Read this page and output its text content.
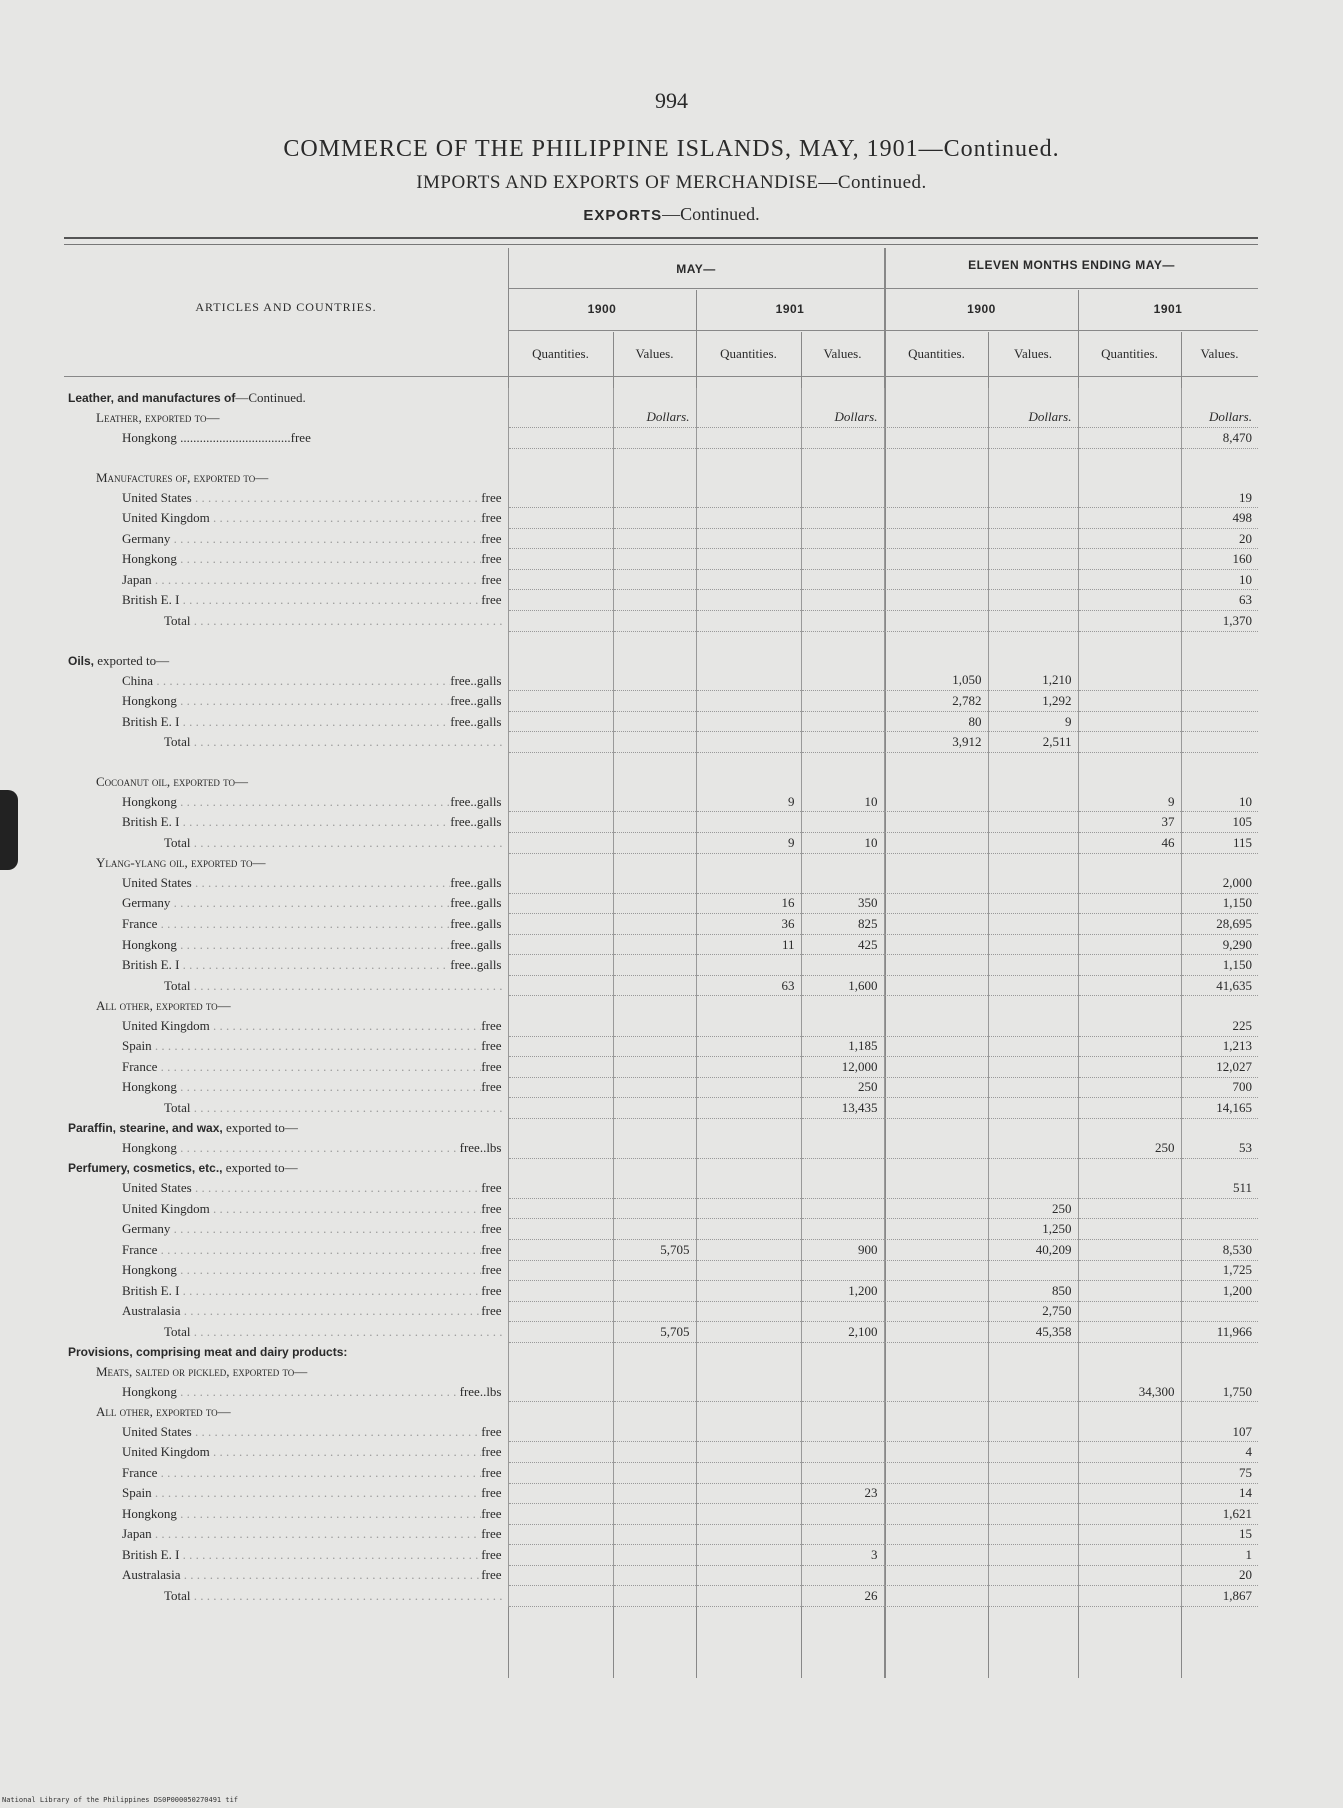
994
COMMERCE OF THE PHILIPPINE ISLANDS, MAY, 1901—Continued.
IMPORTS AND EXPORTS OF MERCHANDISE—Continued.
EXPORTS—Continued.
ARTICLES AND COUNTRIES.
MAY—	ELEVEN MONTHS ENDING MAY—
1900	1901	1900	1901
Quantities.	Values.	Quantities.	Values.	Quantities.	Values.	Quantities.	Values.
Leather, and manufactures of—Continued.								
Leather, exported to—		Dollars.		Dollars.		Dollars.		Dollars.
Hongkong ..................................free								8,470

Manufactures of, exported to—								

United States . . . free								19

United Kingdom . . . free								498

Germany . . . free								20

Hongkong . . . free								160

Japan . . . free								10

British E. I . . . free								63

Total . . .								1,370

Oils, exported to—								

China . . . free..galls					1,050	1,210		

Hongkong . . . free..galls					2,782	1,292		

British E. I . . . free..galls					80	9		

Total . . .					3,912	2,511		

Cocoanut oil, exported to—								

Hongkong . . . free..galls			9	10			9	10

British E. I . . . free..galls							37	105

Total . . .			9	10			46	115
Ylang-ylang oil, exported to—								

United States . . . free..galls								2,000

Germany . . . free..galls			16	350				1,150

France . . . free..galls			36	825				28,695

Hongkong . . . free..galls			11	425				9,290

British E. I . . . free..galls								1,150

Total . . .			63	1,600				41,635
All other, exported to—								

United Kingdom . . . free								225

Spain . . . free				1,185				1,213

France . . . free				12,000				12,027

Hongkong . . . free				250				700

Total . . .				13,435				14,165
Paraffin, stearine, and wax, exported to—								

Hongkong . . . free..lbs							250	53
Perfumery, cosmetics, etc., exported to—								

United States . . . free								511

United Kingdom . . . free						250		

Germany . . . free						1,250		

France . . . free		5,705		900		40,209		8,530

Hongkong . . . free								1,725

British E. I . . . free				1,200		850		1,200

Australasia . . . free						2,750		

Total . . .		5,705		2,100		45,358		11,966
Provisions, comprising meat and dairy products:								
Meats, salted or pickled, exported to—								

Hongkong . . . free..lbs							34,300	1,750
All other, exported to—								

United States . . . free								107

United Kingdom . . . free								4

France . . . free								75

Spain . . . free				23				14

Hongkong . . . free								1,621

Japan . . . free								15

British E. I . . . free				3				1

Australasia . . . free								20

Total . . .				26				1,867
National Library of the Philippines DS0P000050270491 tif
